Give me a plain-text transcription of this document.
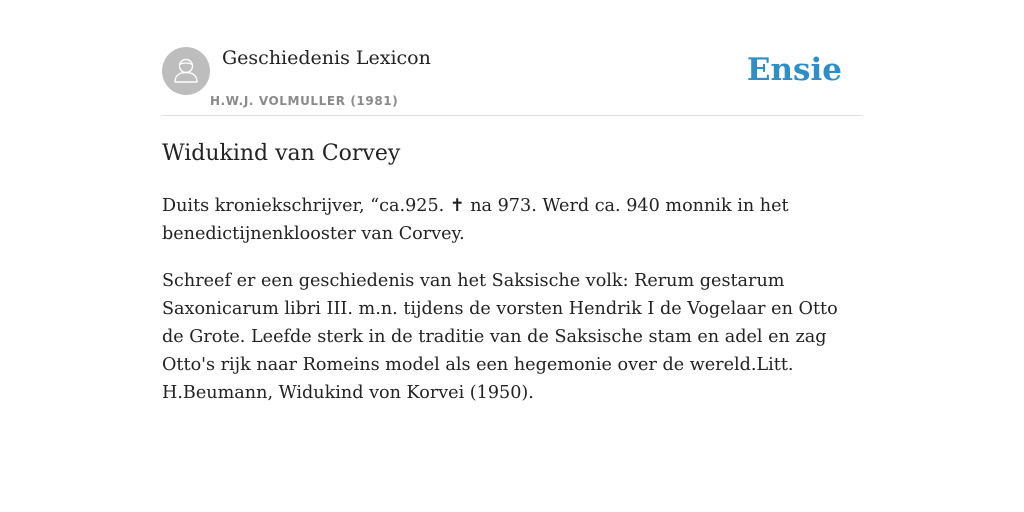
Geschiedenis Lexicon
H.W.J. VOLMULLER (1981)
Ensie
Widukind van Corvey

Duits kroniekschrijver, “ca.925. ✝ na 973. Werd ca. 940 monnik in het benedictijnenklooster van Corvey.

Schreef er een geschiedenis van het Saksische volk: Rerum gestarum Saxonicarum libri III. m.n. tijdens de vorsten Hendrik I de Vogelaar en Otto de Grote. Leefde sterk in de traditie van de Saksische stam en adel en zag Otto's rijk naar Romeins model als een hegemonie over de wereld.Litt. H.Beumann, Widukind von Korvei (1950).
